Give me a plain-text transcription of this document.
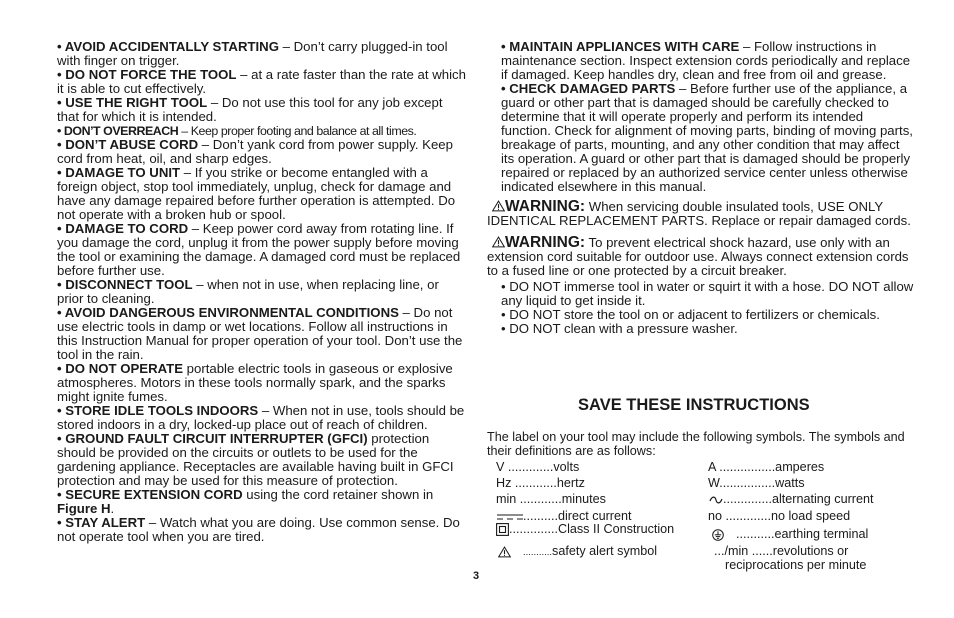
• AVOID ACCIDENTALLY STARTING – Don’t carry plugged-in tool with finger on trigger.

• DO NOT FORCE THE TOOL – at a rate faster than the rate at which it is able to cut effectively.

• USE THE RIGHT TOOL – Do not use this tool for any job except that for which it is intended.

• DON’T OVERREACH – Keep proper footing and balance at all times.

• DON’T ABUSE CORD – Don’t yank cord from power supply. Keep cord from heat, oil, and sharp edges.

• DAMAGE TO UNIT – If you strike or become entangled with a foreign object, stop tool immediately, unplug, check for damage and have any damage repaired before further operation is attempted. Do not operate with a broken hub or spool.

• DAMAGE TO CORD – Keep power cord away from rotating line. If you damage the cord, unplug it from the power supply before moving the tool or examining the damage. A damaged cord must be replaced before further use.

• DISCONNECT TOOL – when not in use, when replacing line, or prior to cleaning.

• AVOID DANGEROUS ENVIRONMENTAL CONDITIONS – Do not use electric tools in damp or wet locations. Follow all instructions in this Instruction Manual for proper operation of your tool. Don’t use the tool in the rain.

• DO NOT OPERATE portable electric tools in gaseous or explosive atmospheres. Motors in these tools normally spark, and the sparks might ignite fumes.

• STORE IDLE TOOLS INDOORS – When not in use, tools should be stored indoors in a dry, locked-up place out of reach of children.

• GROUND FAULT CIRCUIT INTERRUPTER (GFCI) protection should be provided on the circuits or outlets to be used for the gardening appliance. Receptacles are available having built in GFCI protection and may be used for this measure of protection.

• SECURE EXTENSION CORD using the cord retainer shown in Figure H.

• STAY ALERT – Watch what you are doing. Use common sense. Do not operate tool when you are tired.

• MAINTAIN APPLIANCES WITH CARE – Follow instructions in maintenance section. Inspect extension cords periodically and replace if damaged. Keep handles dry, clean and free from oil and grease.

• CHECK DAMAGED PARTS – Before further use of the appliance, a guard or other part that is damaged should be carefully checked to determine that it will operate properly and perform its intended function. Check for alignment of moving parts, binding of moving parts, breakage of parts, mounting, and any other condition that may affect its operation. A guard or other part that is damaged should be properly repaired or replaced by an authorized service center unless otherwise indicated elsewhere in this manual.

WARNING: When servicing double insulated tools, USE ONLY IDENTICAL REPLACEMENT PARTS. Replace or repair damaged cords.

WARNING: To prevent electrical shock hazard, use only with an extension cord suitable for outdoor use. Always connect extension cords to a fused line or one protected by a circuit breaker.

• DO NOT immerse tool in water or squirt it with a hose. DO NOT allow any liquid to get inside it.

• DO NOT store the tool on or adjacent to fertilizers or chemicals.

• DO NOT clean with a pressure washer.

SAVE THESE INSTRUCTIONS

The label on your tool may include the following symbols. The symbols and their definitions are as follows:

V .............volts
Hz ............hertz
min ............minutes
..........direct current
..............Class II Construction
...........safety alert symbol
A ................amperes
W................watts
..............alternating current
no .............no load speed
...........earthing terminal
.../min ......revolutions or
reciprocations per minute
3
